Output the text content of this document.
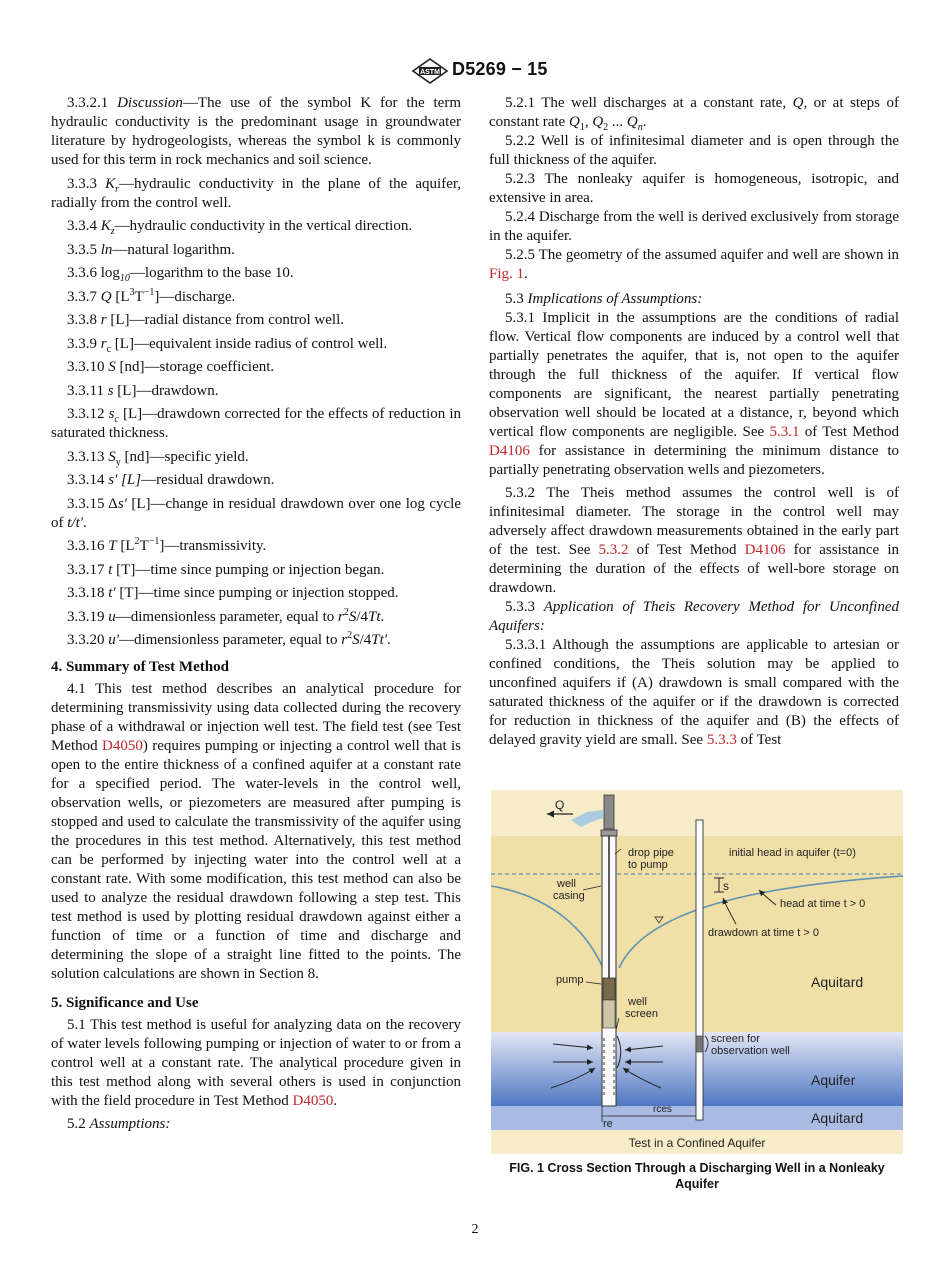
ASTM D5269 − 15

3.3.2.1 Discussion—The use of the symbol K for the term hydraulic conductivity is the predominant usage in groundwater literature by hydrogeologists, whereas the symbol k is commonly used for this term in rock mechanics and soil science.

3.3.3 $K_r—hydraulic$ conductivity in the plane of the aquifer, radially from the control well.

3.3.4 $K_z—hydraulic$ conductivity in the vertical direction.

3.3.5 ln—natural logarithm.

3.3.6 $\log_{10}—logarithm$ to the base 10.

3.3.7 Q $[L^3T^{-1}]—discharge$.

3.3.8 r [L]—radial distance from control well.

3.3.9 $r_c$ [L]—equivalent inside radius of control well.

3.3.10 S [nd]—storage coefficient.

3.3.11 s [L]—drawdown.

3.3.12 $s_c$ [L]—drawdown corrected for the effects of reduction in saturated thickness.

3.3.13 $S_y$ [nd]—specific yield.

3.3.14 s' [L]—residual drawdown.

3.3.15 Δs' [L]—change in residual drawdown over one log cycle of t/t'.

3.3.16 T $[L^2T^{-1}]—transmissivity$.

3.3.17 t [T]—time since pumping or injection began.

3.3.18 t' [T]—time since pumping or injection stopped.

3.3.19 u—dimensionless parameter, equal to $r^2S/4Tt$.

3.3.20 u'—dimensionless parameter, equal to $r^2S/4Tt'$.

4. Summary of Test Method

4.1 This test method describes an analytical procedure for determining transmissivity using data collected during the recovery phase of a withdrawal or injection well test. The field test (see Test Method D4050) requires pumping or injecting a control well that is open to the entire thickness of a confined aquifer at a constant rate for a specified period. The water-levels in the control well, observation wells, or piezometers are measured after pumping is stopped and used to calculate the transmissivity of the aquifer using the procedures in this test method. Alternatively, this test method can be performed by injecting water into the control well at a constant rate. With some modification, this test method can also be used to analyze the residual drawdown following a step test. This test method is used by plotting residual drawdown against either a function of time or a function of time and discharge and determining the slope of a straight line fitted to the points. The solution calculations are shown in Section 8.

5. Significance and Use

5.1 This test method is useful for analyzing data on the recovery of water levels following pumping or injection of water to or from a control well at a constant rate. The analytical procedure given in this test method along with several others is used in conjunction with the field procedure in Test Method D4050.

5.2 Assumptions:

5.2.1 The well discharges at a constant rate, Q, or at steps of constant rate $Q_1$, $Q_2$ ... $Q_n$.

5.2.2 Well is of infinitesimal diameter and is open through the full thickness of the aquifer.

5.2.3 The nonleaky aquifer is homogeneous, isotropic, and extensive in area.

5.2.4 Discharge from the well is derived exclusively from storage in the aquifer.

5.2.5 The geometry of the assumed aquifer and well are shown in Fig. 1.

5.3 Implications of Assumptions:

5.3.1 Implicit in the assumptions are the conditions of radial flow. Vertical flow components are induced by a control well that partially penetrates the aquifer, that is, not open to the aquifer through the full thickness of the aquifer. If vertical flow components are significant, the nearest partially penetrating observation well should be located at a distance, r, beyond which vertical flow components are negligible. See 5.3.1 of Test Method D4106 for assistance in determining the minimum distance to partially penetrating observation wells and piezometers.

5.3.2 The Theis method assumes the control well is of infinitesimal diameter. The storage in the control well may adversely affect drawdown measurements obtained in the early part of the test. See 5.3.2 of Test Method D4106 for assistance in determining the duration of the effects of well-bore storage on drawdown.

5.3.3 Application of Theis Recovery Method for Unconfined Aquifers:

5.3.3.1 Although the assumptions are applicable to artesian or confined conditions, the Theis solution may be applied to unconfined aquifers if (A) drawdown is small compared with the saturated thickness of the aquifer or if the drawdown is corrected for reduction in thickness of the aquifer and (B) the effects of delayed gravity yield are small. See 5.3.3 of Test

Q
s
drop pipe to pump
initial head in aquifer (t=0)
well casing
head at time t > 0
drawdown at time t > 0
pump
well screen
Aquitard
screen for observation well
Aquifer
Aquitard
re
rces
Test in a Confined Aquifer
FIG. 1 Cross Section Through a Discharging Well in a Nonleaky Aquifer
2
